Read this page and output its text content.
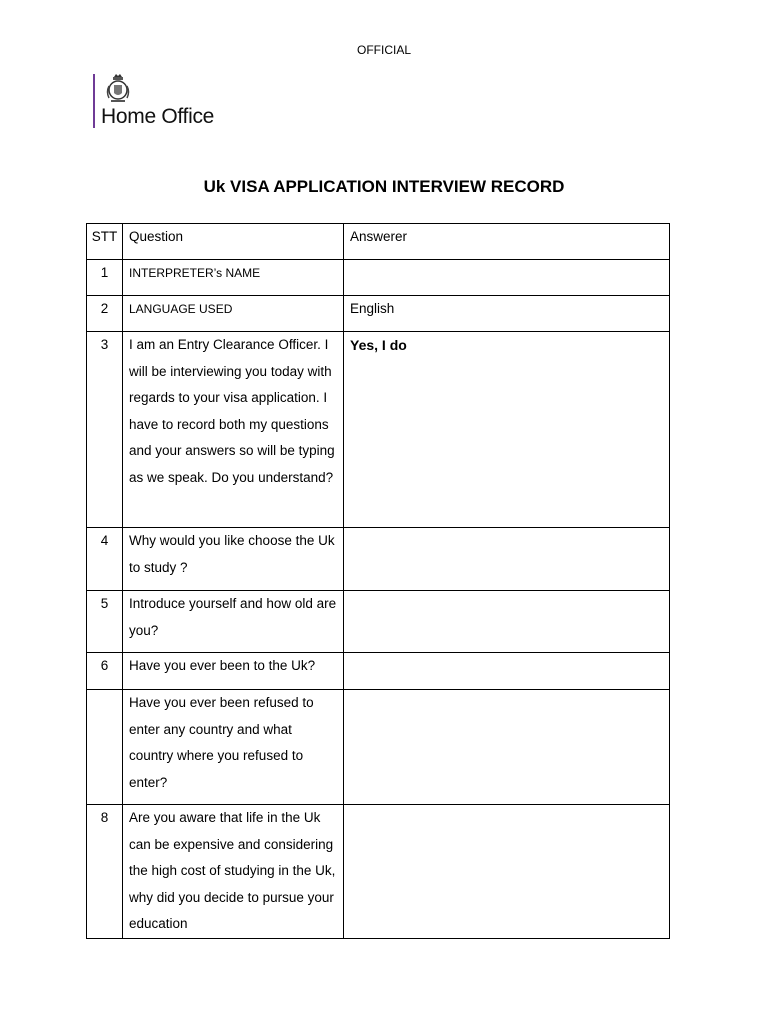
OFFICIAL
Home Office
Uk VISA APPLICATION INTERVIEW RECORD
STT	Question	Answerer
1	INTERPRETER’s NAME	
2	LANGUAGE USED	English
3	I am an Entry Clearance Officer. I will be interviewing you today with regards to your visa application. I have to record both my questions and your answers so will be typing as we speak. Do you understand?	Yes, I do
4	Why would you like choose the Uk to study ?	
5	Introduce yourself and how old are you?	
6	Have you ever been to the Uk?	
	Have you ever been refused to enter any country and what country where you refused to enter?	
8	Are you aware that life in the Uk can be expensive and considering the high cost of studying in the Uk, why did you decide to pursue your education	
